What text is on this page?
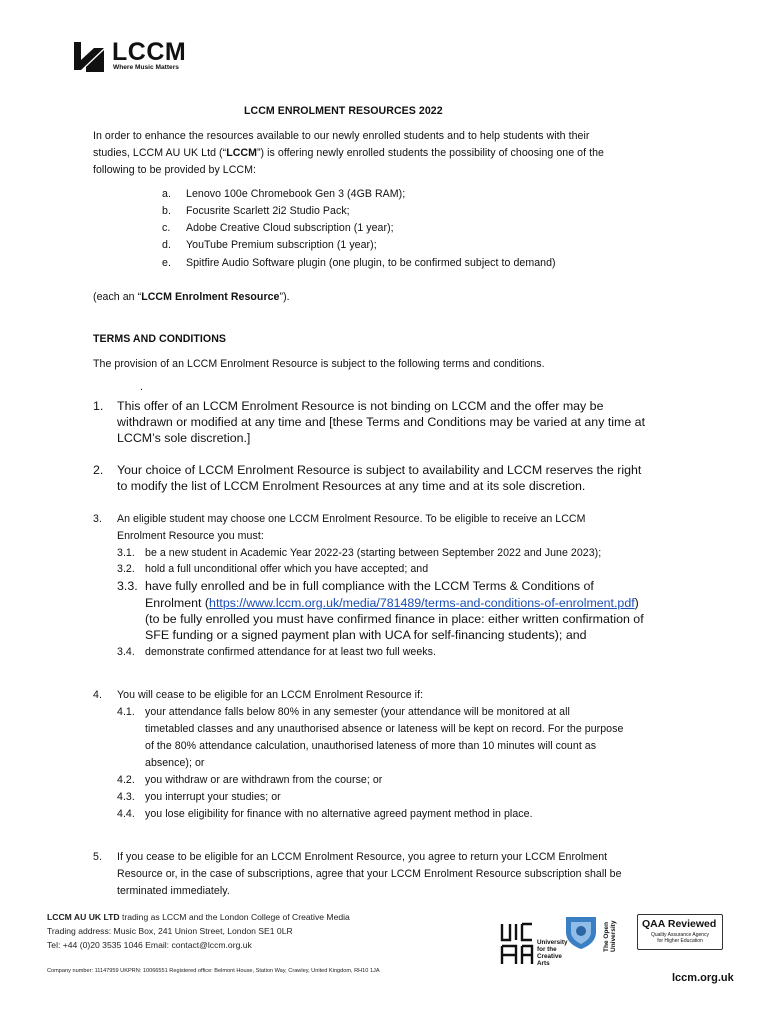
LCCM
Where Music Matters
LCCM ENROLMENT RESOURCES 2022
In order to enhance the resources available to our newly enrolled students and to help students with their
studies, LCCM AU UK Ltd (“LCCM”) is offering newly enrolled students the possibility of choosing one of the
following to be provided by LCCM:
a. Lenovo 100e Chromebook Gen 3 (4GB RAM);
b. Focusrite Scarlett 2i2 Studio Pack;
c. Adobe Creative Cloud subscription (1 year);
d. YouTube Premium subscription (1 year);
e. Spitfire Audio Software plugin (one plugin, to be confirmed subject to demand)
(each an “LCCM Enrolment Resource”).
TERMS AND CONDITIONS
The provision of an LCCM Enrolment Resource is subject to the following terms and conditions.
.
1. This offer of an LCCM Enrolment Resource is not binding on LCCM and the offer may be
withdrawn or modified at any time and [these Terms and Conditions may be varied at any time at
LCCM’s sole discretion.]
2. Your choice of LCCM Enrolment Resource is subject to availability and LCCM reserves the right
to modify the list of LCCM Enrolment Resources at any time and at its sole discretion.
3. An eligible student may choose one LCCM Enrolment Resource. To be eligible to receive an LCCM
Enrolment Resource you must:
3.1. be a new student in Academic Year 2022-23 (starting between September 2022 and June 2023);
3.2. hold a full unconditional offer which you have accepted; and
3.3. have fully enrolled and be in full compliance with the LCCM Terms & Conditions of
Enrolment (https://www.lccm.org.uk/media/781489/terms-and-conditions-of-enrolment.pdf)
(to be fully enrolled you must have confirmed finance in place: either written confirmation of
SFE funding or a signed payment plan with UCA for self-financing students); and
3.4. demonstrate confirmed attendance for at least two full weeks.
4. You will cease to be eligible for an LCCM Enrolment Resource if:
4.1. your attendance falls below 80% in any semester (your attendance will be monitored at all
timetabled classes and any unauthorised absence or lateness will be kept on record. For the purpose
of the 80% attendance calculation, unauthorised lateness of more than 10 minutes will count as
absence); or
4.2. you withdraw or are withdrawn from the course; or
4.3. you interrupt your studies; or
4.4. you lose eligibility for finance with no alternative agreed payment method in place.
5. If you cease to be eligible for an LCCM Enrolment Resource, you agree to return your LCCM Enrolment
Resource or, in the case of subscriptions, agree that your LCCM Enrolment Resource subscription shall be
terminated immediately.
LCCM AU UK LTD trading as LCCM and the London College of Creative Media
Trading address: Music Box, 241 Union Street, London SE1 0LR
Tel: +44 (0)20 3535 1046 Email: contact@lccm.org.uk
Company number: 11147959 UKPRN: 10066551 Registered office: Belmont House, Station Way, Crawley, United Kingdom, RH10 1JA
University
for the
Creative Arts
The Open University QAA Reviewed
Quality Assurance Agency
for Higher Education
lccm.org.uk
